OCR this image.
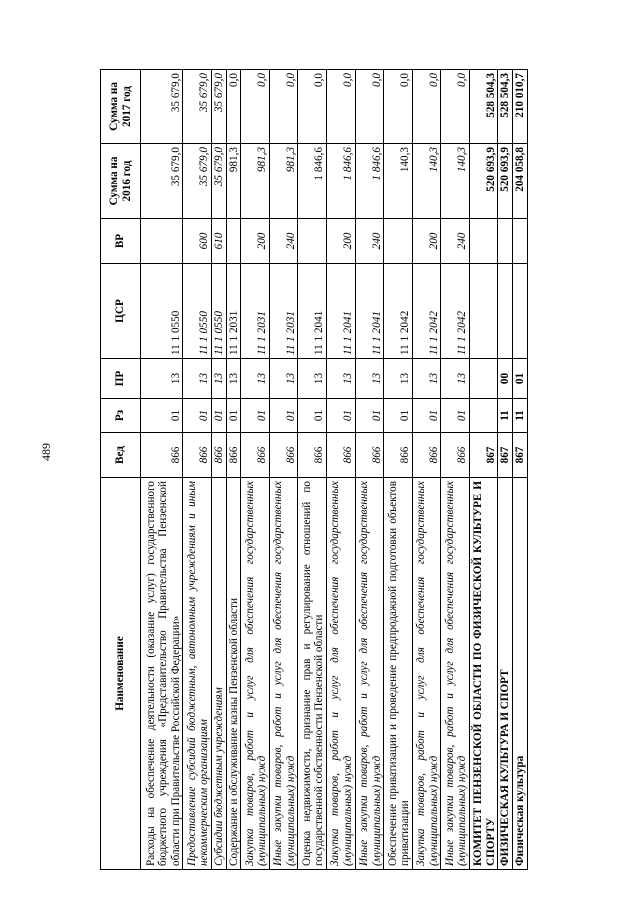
489
Наименование	Вед	Рз	ПР	ЦСР	ВР	Сумма на 2016 год	Сумма на 2017 год
Расходы на обеспечение деятельности (оказание услуг) государственного бюджетного учреждения «Представительство Правительства Пензенской области при Правительстве Российской Федерации»	866	01	13	11 1 0550		35 679,0	35 679,0
Предоставление субсидий бюджетным, автономным учреждениям и иным некоммерческим организациям	866	01	13	11 1 0550	600	35 679,0	35 679,0
Субсидии бюджетным учреждениям	866	01	13	11 1 0550	610	35 679,0	35 679,0
Содержание и обслуживание казны Пензенской области	866	01	13	11 1 2031		981,3	0,0
Закупка товаров, работ и услуг для обеспечения государственных (муниципальных) нужд	866	01	13	11 1 2031	200	981,3	0,0
Иные закупки товаров, работ и услуг для обеспечения государственных (муниципальных) нужд	866	01	13	11 1 2031	240	981,3	0,0
Оценка недвижимости, признание прав и регулирование отношений по государственной собственности Пензенской области	866	01	13	11 1 2041		1 846,6	0,0
Закупка товаров, работ и услуг для обеспечения государственных (муниципальных) нужд	866	01	13	11 1 2041	200	1 846,6	0,0
Иные закупки товаров, работ и услуг для обеспечения государственных (муниципальных) нужд	866	01	13	11 1 2041	240	1 846,6	0,0
Обеспечение приватизации и проведение предпродажной подготовки объектов приватизации	866	01	13	11 1 2042		140,3	0,0
Закупка товаров, работ и услуг для обеспечения государственных (муниципальных) нужд	866	01	13	11 1 2042	200	140,3	0,0
Иные закупки товаров, работ и услуг для обеспечения государственных (муниципальных) нужд	866	01	13	11 1 2042	240	140,3	0,0
КОМИТЕТ ПЕНЗЕНСКОЙ ОБЛАСТИ ПО ФИЗИЧЕСКОЙ КУЛЬТУРЕ И СПОРТУ	867					520 693,9	528 504,3
ФИЗИЧЕСКАЯ КУЛЬТУРА И СПОРТ	867	11	00			520 693,9	528 504,3
Физическая культура	867	11	01			204 058,8	210 010,7
